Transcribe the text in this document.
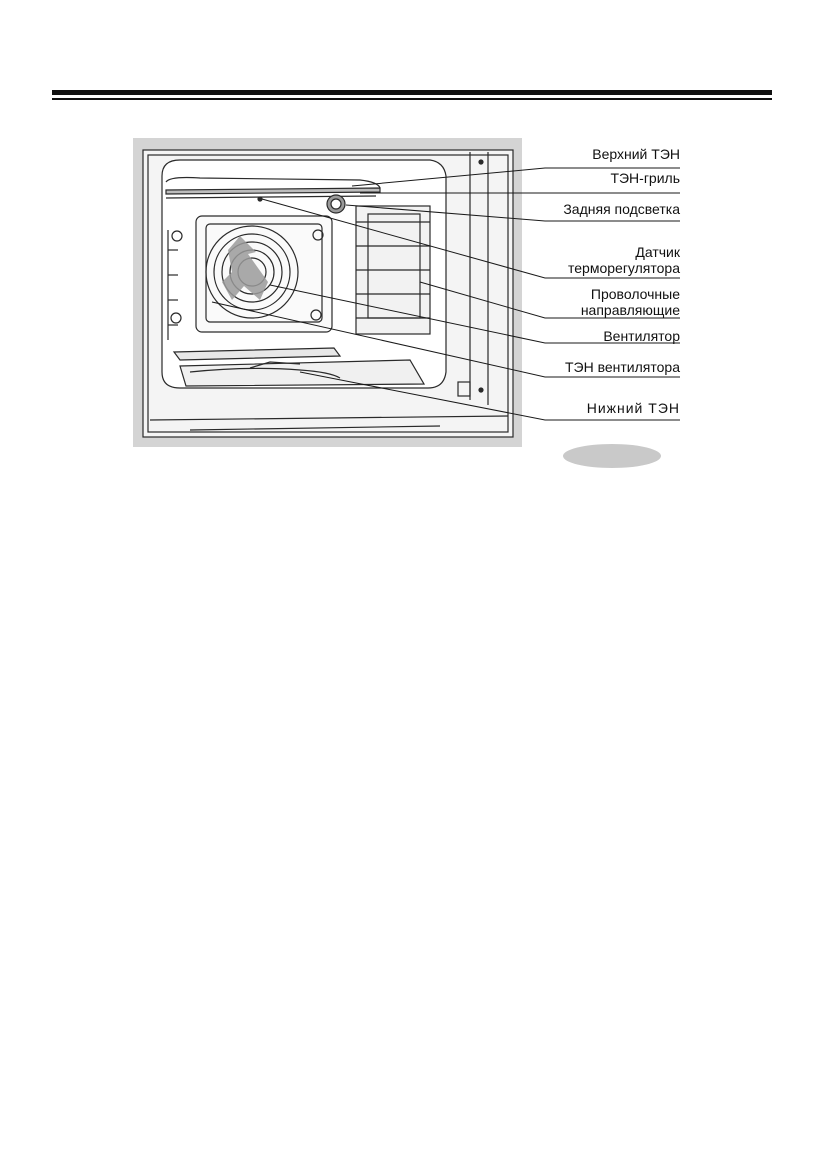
Верхний ТЭН
ТЭН-гриль
Задняя подсветка
Датчик
терморегулятора
Проволочные
направляющие
Вентилятор
ТЭН вентилятора
Нижний ТЭН
